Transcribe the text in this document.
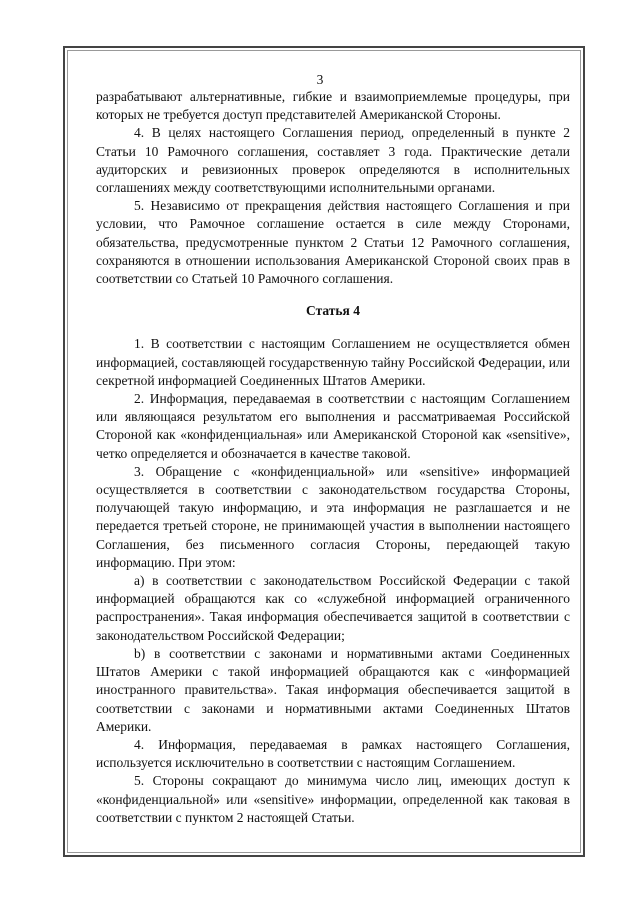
3

разрабатывают альтернативные, гибкие и взаимоприемлемые процедуры, при которых не требуется доступ представителей Американской Стороны.

4. В целях настоящего Соглашения период, определенный в пункте 2 Статьи 10 Рамочного соглашения, составляет 3 года. Практические детали аудиторских и ревизионных проверок определяются в исполнительных соглашениях между соответствующими исполнительными органами.

5. Независимо от прекращения действия настоящего Соглашения и при условии, что Рамочное соглашение остается в силе между Сторонами, обязательства, предусмотренные пунктом 2 Статьи 12 Рамочного соглашения, сохраняются в отношении использования Американской Стороной своих прав в соответствии со Статьей 10 Рамочного соглашения.

Статья 4

1. В соответствии с настоящим Соглашением не осуществляется обмен информацией, составляющей государственную тайну Российской Федерации, или секретной информацией Соединенных Штатов Америки.

2. Информация, передаваемая в соответствии с настоящим Соглашением или являющаяся результатом его выполнения и рассматриваемая Российской Стороной как «конфиденциальная» или Американской Стороной как «sensitive», четко определяется и обозначается в качестве таковой.

3. Обращение с «конфиденциальной» или «sensitive» информацией осуществляется в соответствии с законодательством государства Стороны, получающей такую информацию, и эта информация не разглашается и не передается третьей стороне, не принимающей участия в выполнении настоящего Соглашения, без письменного согласия Стороны, передающей такую информацию. При этом:

а) в соответствии с законодательством Российской Федерации с такой информацией обращаются как со «служебной информацией ограниченного распространения». Такая информация обеспечивается защитой в соответствии с законодательством Российской Федерации;

b) в соответствии с законами и нормативными актами Соединенных Штатов Америки с такой информацией обращаются как с «информацией иностранного правительства». Такая информация обеспечивается защитой в соответствии с законами и нормативными актами Соединенных Штатов Америки.

4. Информация, передаваемая в рамках настоящего Соглашения, используется исключительно в соответствии с настоящим Соглашением.

5. Стороны сокращают до минимума число лиц, имеющих доступ к «конфиденциальной» или «sensitive» информации, определенной как таковая в соответствии с пунктом 2 настоящей Статьи.
